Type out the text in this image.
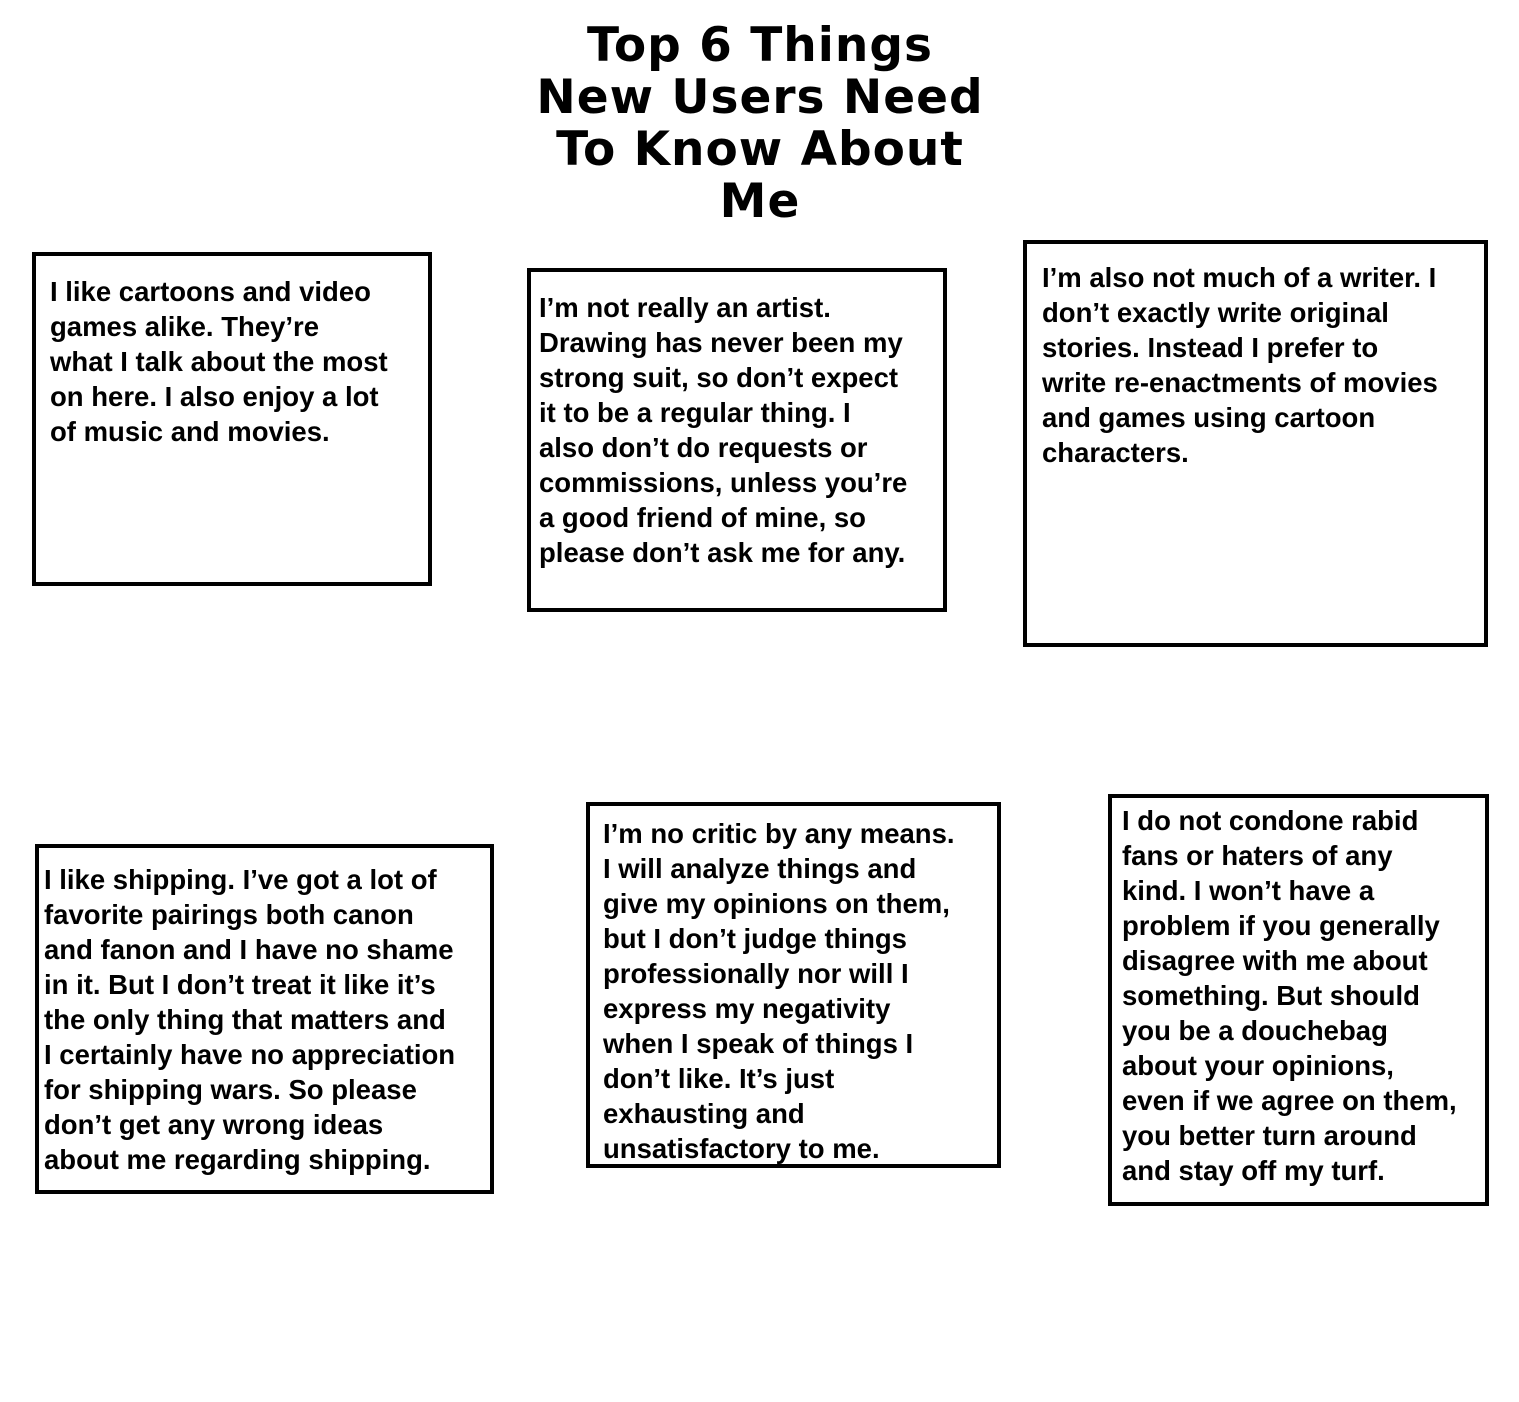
Top 6 Things
New Users Need
To Know About
Me
I like cartoons and video
games alike. They’re
what I talk about the most
on here. I also enjoy a lot
of music and movies.
I’m not really an artist.
Drawing has never been my
strong suit, so don’t expect
it to be a regular thing. I
also don’t do requests or
commissions, unless you’re
a good friend of mine, so
please don’t ask me for any.
I’m also not much of a writer. I
don’t exactly write original
stories. Instead I prefer to
write re-enactments of movies
and games using cartoon
characters.
I like shipping. I’ve got a lot of
favorite pairings both canon
and fanon and I have no shame
in it. But I don’t treat it like it’s
the only thing that matters and
I certainly have no appreciation
for shipping wars. So please
don’t get any wrong ideas
about me regarding shipping.
I’m no critic by any means.
I will analyze things and
give my opinions on them,
but I don’t judge things
professionally nor will I
express my negativity
when I speak of things I
don’t like. It’s just
exhausting and
unsatisfactory to me.
I do not condone rabid
fans or haters of any
kind. I won’t have a
problem if you generally
disagree with me about
something. But should
you be a douchebag
about your opinions,
even if we agree on them,
you better turn around
and stay off my turf.
